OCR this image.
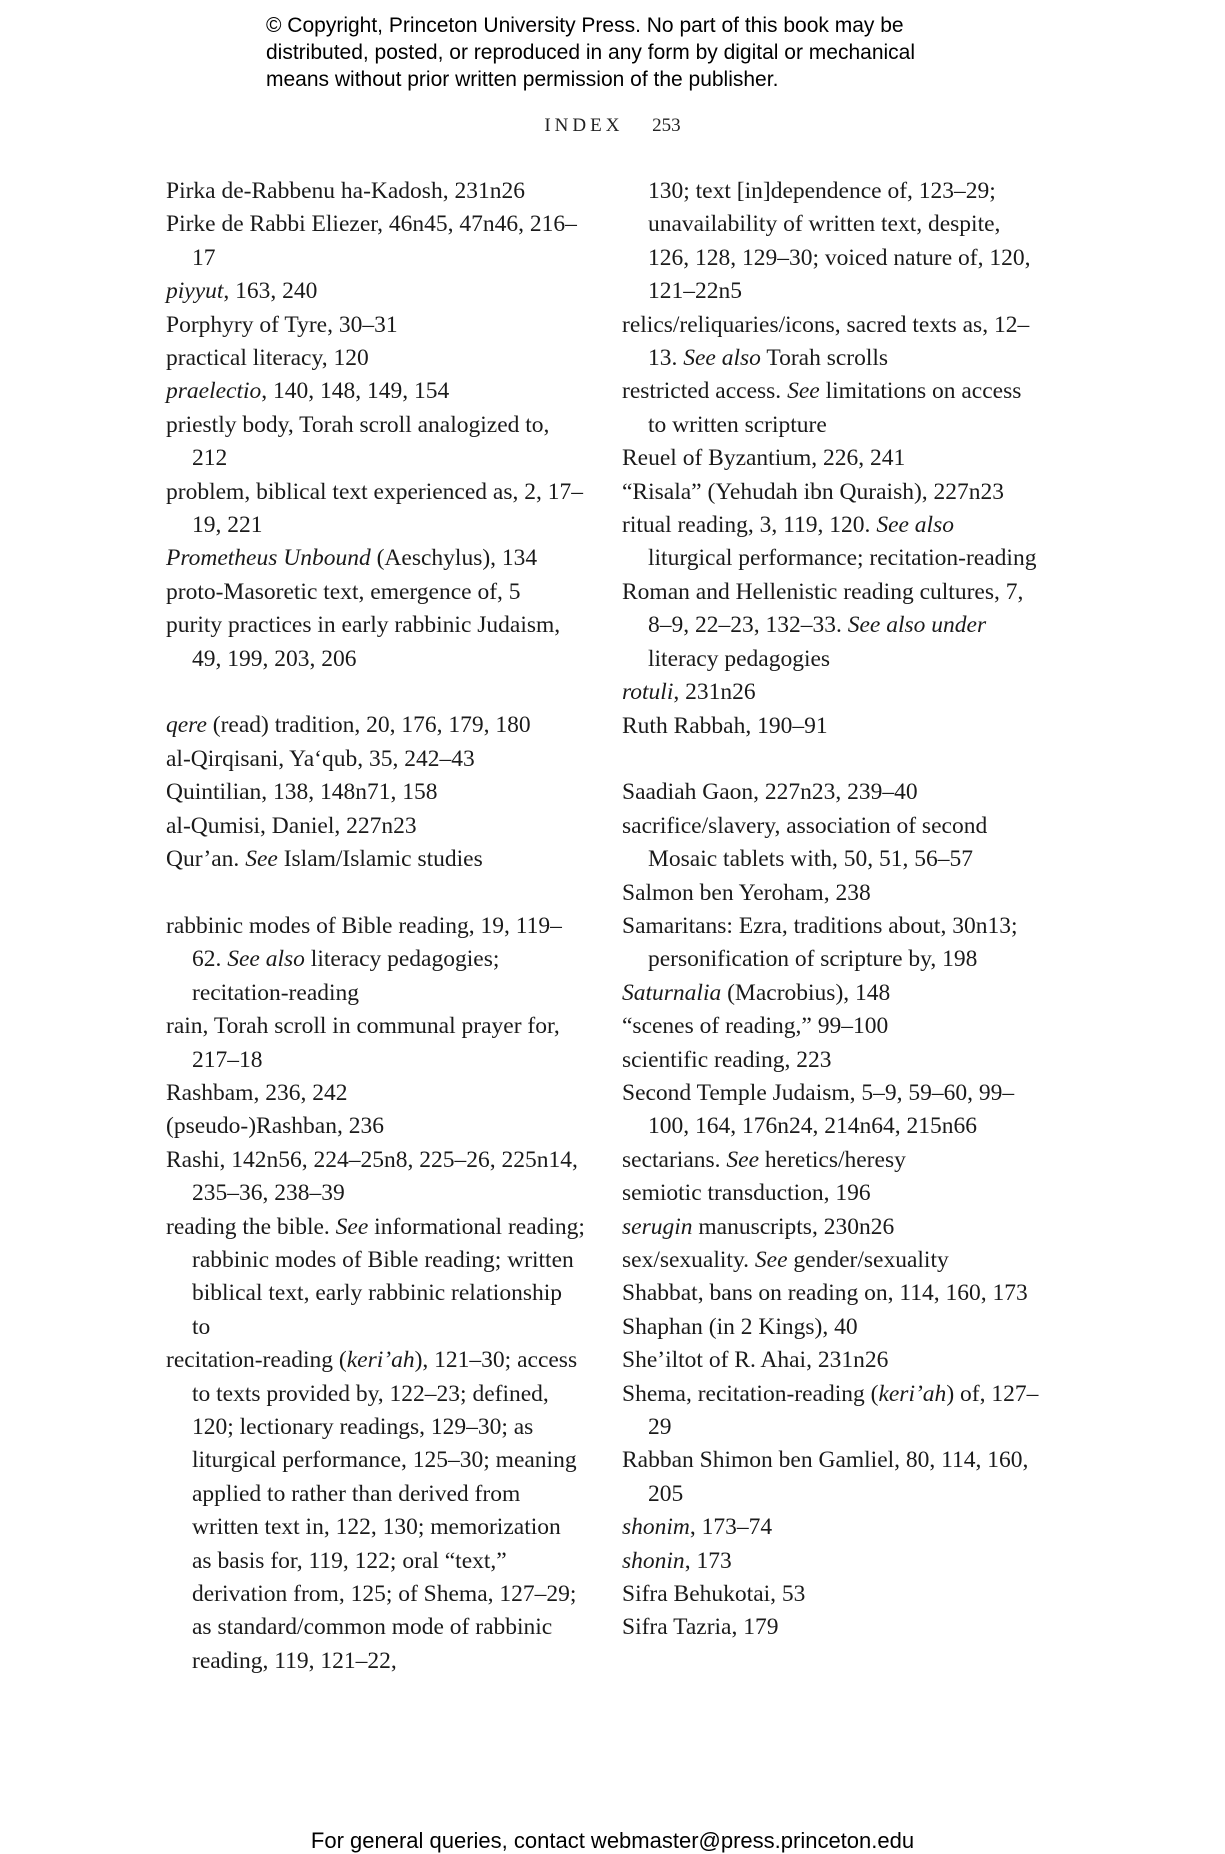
© Copyright, Princeton University Press. No part of this book may be
distributed, posted, or reproduced in any form by digital or mechanical
means without prior written permission of the publisher.
INDEX 253

Pirka de-Rabbenu ha-Kadosh, 231n26

Pirke de Rabbi Eliezer, 46n45, 47n46, 216–17

piyyut, 163, 240

Porphyry of Tyre, 30–31

practical literacy, 120

praelectio, 140, 148, 149, 154

priestly body, Torah scroll analogized to, 212

problem, biblical text experienced as, 2, 17–19, 221

Prometheus Unbound (Aeschylus), 134

proto-Masoretic text, emergence of, 5

purity practices in early rabbinic Judaism, 49, 199, 203, 206

qere (read) tradition, 20, 176, 179, 180

al-Qirqisani, Ya‘qub, 35, 242–43

Quintilian, 138, 148n71, 158

al-Qumisi, Daniel, 227n23

Qur’an. See Islam/Islamic studies

rabbinic modes of Bible reading, 19, 119–62. See also literacy pedagogies; recitation-reading

rain, Torah scroll in communal prayer for, 217–18

Rashbam, 236, 242

(pseudo-)Rashban, 236

Rashi, 142n56, 224–25n8, 225–26, 225n14, 235–36, 238–39

reading the bible. See informational reading; rabbinic modes of Bible reading; written biblical text, early rabbinic relationship to

recitation-reading (keri’ah), 121–30; access to texts provided by, 122–23; defined, 120; lectionary readings, 129–30; as liturgical performance, 125–30; meaning applied to rather than derived from written text in, 122, 130; memorization as basis for, 119, 122; oral “text,” derivation from, 125; of Shema, 127–29; as standard/common mode of rabbinic reading, 119, 121–22,

130; text [in]dependence of, 123–29; unavailability of written text, despite, 126, 128, 129–30; voiced nature of, 120, 121–22n5

relics/reliquaries/icons, sacred texts as, 12–13. See also Torah scrolls

restricted access. See limitations on access to written scripture

Reuel of Byzantium, 226, 241

“Risala” (Yehudah ibn Quraish), 227n23

ritual reading, 3, 119, 120. See also liturgical performance; recitation-reading

Roman and Hellenistic reading cultures, 7, 8–9, 22–23, 132–33. See also under literacy pedagogies

rotuli, 231n26

Ruth Rabbah, 190–91

Saadiah Gaon, 227n23, 239–40

sacrifice/slavery, association of second Mosaic tablets with, 50, 51, 56–57

Salmon ben Yeroham, 238

Samaritans: Ezra, traditions about, 30n13; personification of scripture by, 198

Saturnalia (Macrobius), 148

“scenes of reading,” 99–100

scientific reading, 223

Second Temple Judaism, 5–9, 59–60, 99–100, 164, 176n24, 214n64, 215n66

sectarians. See heretics/heresy

semiotic transduction, 196

serugin manuscripts, 230n26

sex/sexuality. See gender/sexuality

Shabbat, bans on reading on, 114, 160, 173

Shaphan (in 2 Kings), 40

She’iltot of R. Ahai, 231n26

Shema, recitation-reading (keri’ah) of, 127–29

Rabban Shimon ben Gamliel, 80, 114, 160, 205

shonim, 173–74

shonin, 173

Sifra Behukotai, 53

Sifra Tazria, 179

For general queries, contact webmaster@press.princeton.edu
